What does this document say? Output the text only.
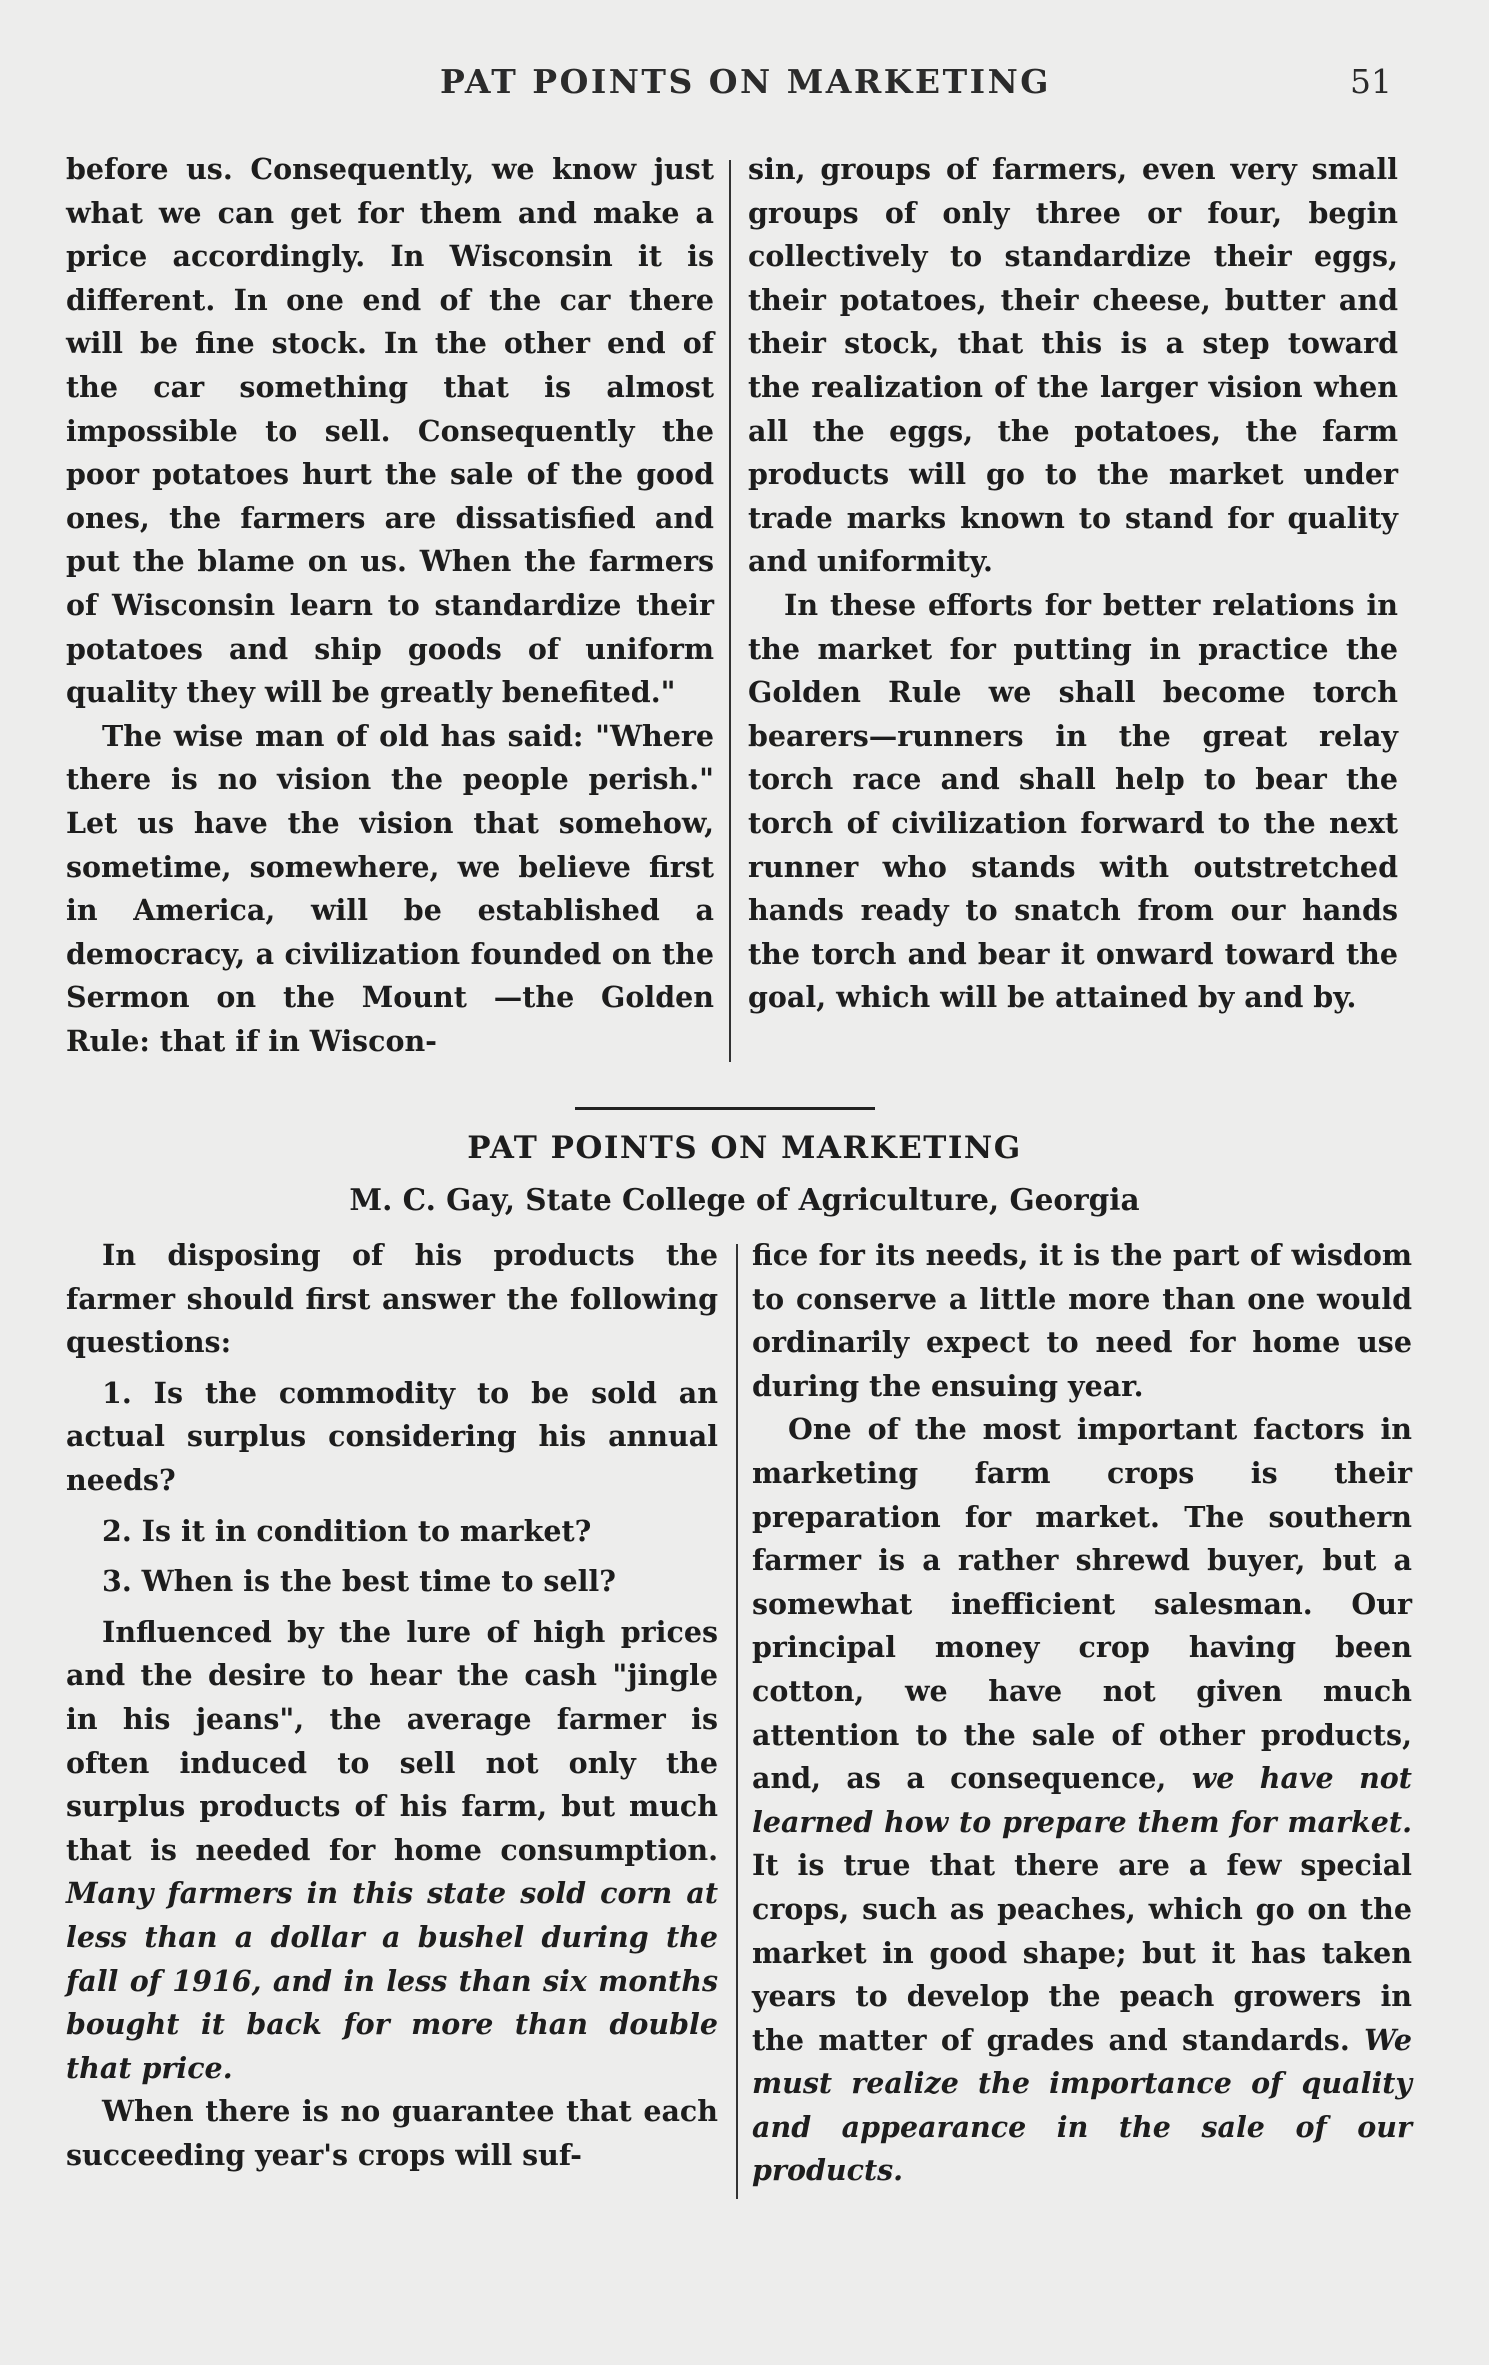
PAT POINTS ON MARKETING	51

before us. Consequently, we know just what we can get for them and make a price accordingly. In Wisconsin it is different. In one end of the car there will be fine stock. In the other end of the car something that is almost impossible to sell. Consequently the poor potatoes hurt the sale of the good ones, the farmers are dissatisfied and put the blame on us. When the farmers of Wisconsin learn to standardize their potatoes and ship goods of uniform quality they will be greatly benefited."

The wise man of old has said: "Where there is no vision the people perish." Let us have the vision that somehow, sometime, somewhere, we believe first in America, will be established a democracy, a civilization founded on the Sermon on the Mount —the Golden Rule: that if in Wiscon-

sin, groups of farmers, even very small groups of only three or four, begin collectively to standardize their eggs, their potatoes, their cheese, butter and their stock, that this is a step toward the realization of the larger vision when all the eggs, the potatoes, the farm products will go to the market under trade marks known to stand for quality and uniformity.

In these efforts for better relations in the market for putting in practice the Golden Rule we shall become torch bearers—runners in the great relay torch race and shall help to bear the torch of civilization forward to the next runner who stands with outstretched hands ready to snatch from our hands the torch and bear it onward toward the goal, which will be attained by and by.

PAT POINTS ON MARKETING
M. C. Gay, State College of Agriculture, Georgia

In disposing of his products the farmer should first answer the following questions:

1. Is the commodity to be sold an actual surplus considering his annual needs?

2. Is it in condition to market?

3. When is the best time to sell?

Influenced by the lure of high prices and the desire to hear the cash "jingle in his jeans", the average farmer is often induced to sell not only the surplus products of his farm, but much that is needed for home consumption. Many farmers in this state sold corn at less than a dollar a bushel during the fall of 1916, and in less than six months bought it back for more than double that price.

When there is no guarantee that each succeeding year's crops will suf-

fice for its needs, it is the part of wisdom to conserve a little more than one would ordinarily expect to need for home use during the ensuing year.

One of the most important factors in marketing farm crops is their preparation for market. The southern farmer is a rather shrewd buyer, but a somewhat inefficient salesman. Our principal money crop having been cotton, we have not given much attention to the sale of other products, and, as a consequence, we have not learned how to prepare them for market. It is true that there are a few special crops, such as peaches, which go on the market in good shape; but it has taken years to develop the peach growers in the matter of grades and standards. We must realize the importance of quality and appearance in the sale of our products.
